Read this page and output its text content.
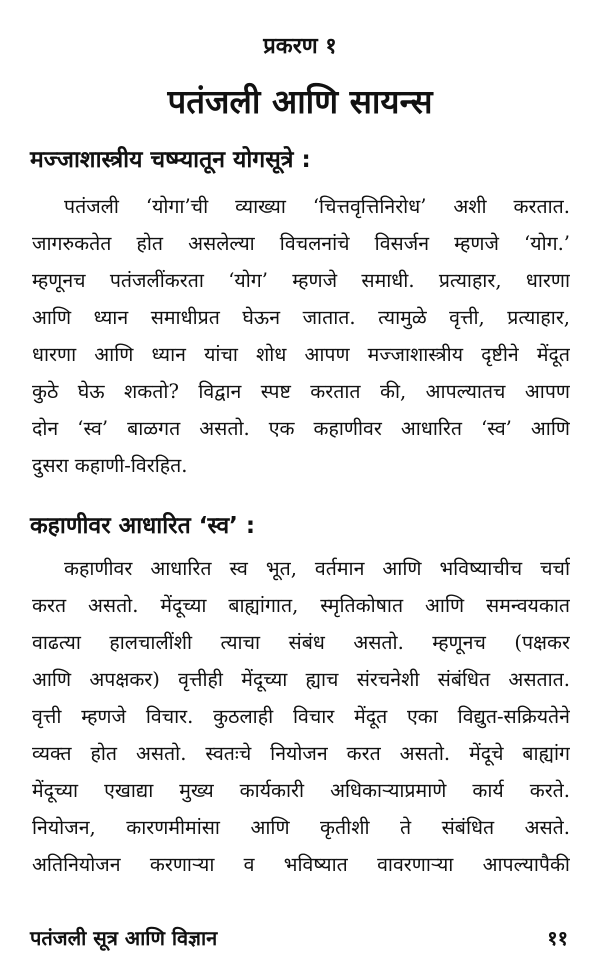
प्रकरण १
पतंजली आणि सायन्स
मज्जाशास्त्रीय चष्म्यातून योगसूत्रे :
पतंजली ‘योगा’ची व्याख्या ‘चित्तवृत्तिनिरोध’ अशी करतात.
जागरुकतेत होत असलेल्या विचलनांचे विसर्जन म्हणजे ‘योग.’
म्हणूनच पतंजलींकरता ‘योग’ म्हणजे समाधी. प्रत्याहार, धारणा
आणि ध्यान समाधीप्रत घेऊन जातात. त्यामुळे वृत्ती, प्रत्याहार,
धारणा आणि ध्यान यांचा शोध आपण मज्जाशास्त्रीय दृष्टीने मेंदूत
कुठे घेऊ शकतो? विद्वान स्पष्ट करतात की, आपल्यातच आपण
दोन ‘स्व’ बाळगत असतो. एक कहाणीवर आधारित ‘स्व’ आणि
दुसरा कहाणी-विरहित.
कहाणीवर आधारित ‘स्व’ :
कहाणीवर आधारित स्व भूत, वर्तमान आणि भविष्याचीच चर्चा
करत असतो. मेंदूच्या बाह्यांगात, स्मृतिकोषात आणि समन्वयकात
वाढत्या हालचालींशी त्याचा संबंध असतो. म्हणूनच (पक्षकर
आणि अपक्षकर) वृत्तीही मेंदूच्या ह्याच संरचनेशी संबंधित असतात.
वृत्ती म्हणजे विचार. कुठलाही विचार मेंदूत एका विद्युत-सक्रियतेने
व्यक्त होत असतो. स्वतःचे नियोजन करत असतो. मेंदूचे बाह्यांग
मेंदूच्या एखाद्या मुख्य कार्यकारी अधिकाऱ्याप्रमाणे कार्य करते.
नियोजन, कारणमीमांसा आणि कृतीशी ते संबंधित असते.
अतिनियोजन करणाऱ्या व भविष्यात वावरणाऱ्या आपल्यापैकी
पतंजली सूत्र आणि विज्ञान	११
